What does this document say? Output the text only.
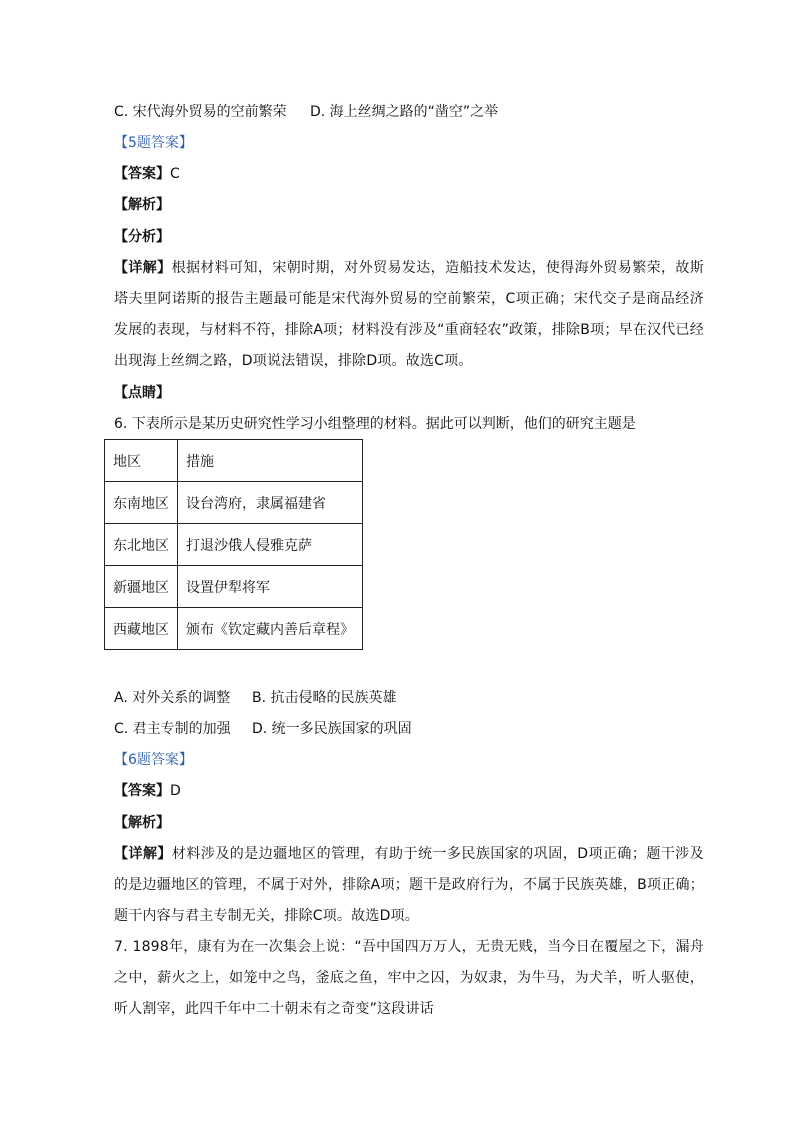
C. 宋代海外贸易的空前繁荣 D. 海上丝绸之路的“凿空”之举
【5题答案】
【答案】C
【解析】
【分析】

【详解】根据材料可知，宋朝时期，对外贸易发达，造船技术发达，使得海外贸易繁荣，故斯塔夫里阿诺斯的报告主题最可能是宋代海外贸易的空前繁荣，C项正确；宋代交子是商品经济发展的表现，与材料不符，排除A项；材料没有涉及“重商轻农”政策，排除B项；早在汉代已经出现海上丝绸之路，D项说法错误，排除D项。故选C项。

【点睛】
6. 下表所示是某历史研究性学习小组整理的材料。据此可以判断，他们的研究主题是
地区	措施
东南地区	设台湾府，隶属福建省
东北地区	打退沙俄人侵雅克萨
新疆地区	设置伊犁将军
西藏地区	颁布《钦定藏内善后章程》
A. 对外关系的调整 B. 抗击侵略的民族英雄
C. 君主专制的加强 D. 统一多民族国家的巩固
【6题答案】
【答案】D
【解析】

【详解】材料涉及的是边疆地区的管理，有助于统一多民族国家的巩固，D项正确；题干涉及的是边疆地区的管理，不属于对外，排除A项；题干是政府行为，不属于民族英雄，B项正确；题干内容与君主专制无关，排除C项。故选D项。

7. 1898年，康有为在一次集会上说：“吾中国四万万人，无贵无贱，当今日在覆屋之下，漏舟之中，薪火之上，如笼中之鸟，釜底之鱼，牢中之囚，为奴隶，为牛马，为犬羊，听人驱使，听人割宰，此四千年中二十朝未有之奇变”这段讲话
